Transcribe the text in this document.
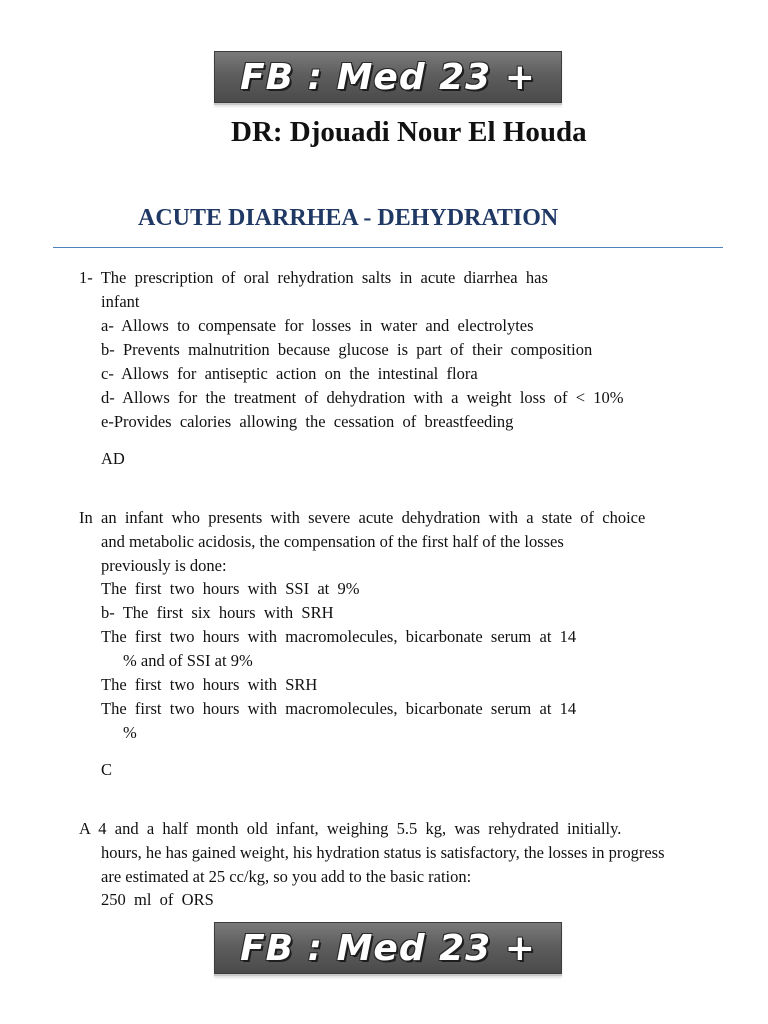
FB : Med 23 +
DR: Djouadi Nour El Houda
ACUTE DIARRHEA - DEHYDRATION
1-  The  prescription  of  oral  rehydration  salts  in  acute  diarrhea  has
infant
a-  Allows  to  compensate  for  losses  in  water  and  electrolytes
b-  Prevents  malnutrition  because  glucose  is  part  of  their  composition
c-  Allows  for  antiseptic  action  on  the  intestinal  flora
d-  Allows  for  the  treatment  of  dehydration  with  a  weight  loss  of  <  10%
e-Provides  calories  allowing  the  cessation  of  breastfeeding
AD
In  an  infant  who  presents  with  severe  acute  dehydration  with  a  state  of  choice
and metabolic acidosis, the compensation of the first half of the losses
previously is done:
The  first  two  hours  with  SSI  at  9%
b-  The  first  six  hours  with  SRH
The  first  two  hours  with  macromolecules,  bicarbonate  serum  at  14
% and of SSI at 9%
The  first  two  hours  with  SRH
The  first  two  hours  with  macromolecules,  bicarbonate  serum  at  14
%
C
A  4  and  a  half  month  old  infant,  weighing  5.5  kg,  was  rehydrated  initially.
hours, he has gained weight, his hydration status is satisfactory, the losses in progress
are estimated at 25 cc/kg, so you add to the basic ration:
250  ml  of  ORS
FB : Med 23 +
